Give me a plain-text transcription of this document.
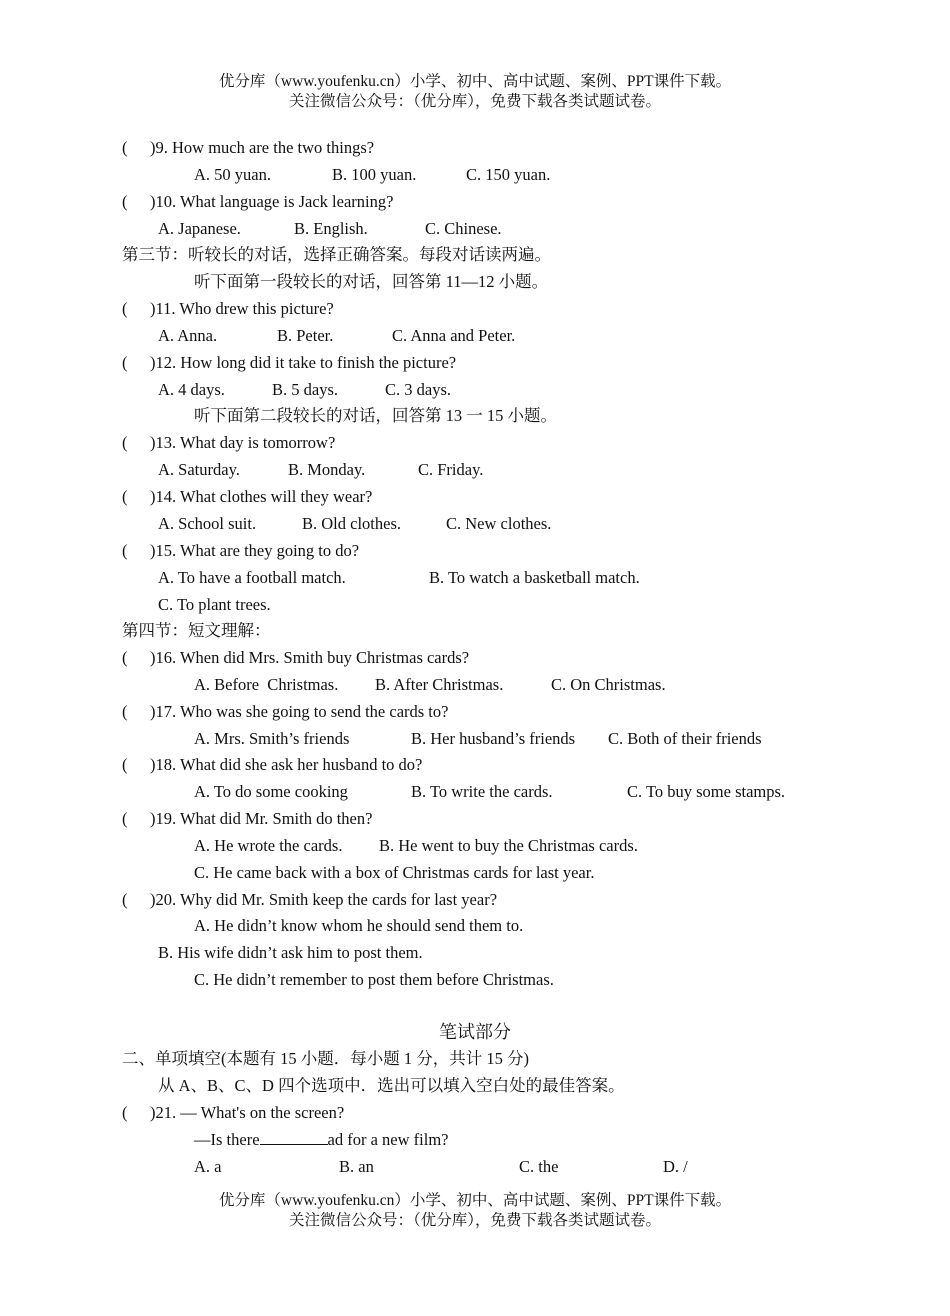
优分库（www.youfenku.cn）小学、初中、高中试题、案例、PPT课件下载。
关注微信公众号：（优分库），免费下载各类试题试卷。
( )9. How much are the two things?
A. 50 yuan.	B. 100 yuan.	C. 150 yuan.
( )10. What language is Jack learning?
A. Japanese.	B. English.	C. Chinese.
第三节：听较长的对话，选择正确答案。每段对话读两遍。
听下面第一段较长的对话，回答第 11—12 小题。
( )11. Who drew this picture?
A. Anna.	B. Peter.	C. Anna and Peter.
( )12. How long did it take to finish the picture?
A. 4 days.	B. 5 days.	C. 3 days.
听下面第二段较长的对话，回答第 13 一 15 小题。
( )13. What day is tomorrow?
A. Saturday.	B. Monday.	C. Friday.
( )14. What clothes will they wear?
A. School suit.	B. Old clothes.	C. New clothes.
( )15. What are they going to do?
A. To have a football match.	B. To watch a basketball match.
C. To plant trees.
第四节：短文理解：
( )16. When did Mrs. Smith buy Christmas cards?
A. Before  Christmas. B. After Christmas.	C. On Christmas.
( )17. Who was she going to send the cards to?
A. Mrs. Smith’s friends	B. Her husband’s friends C. Both of their friends
( )18. What did she ask her husband to do?
A. To do some cooking	B. To write the cards.	C. To buy some stamps.
( )19. What did Mr. Smith do then?
A. He wrote the cards. B. He went to buy the Christmas cards.
C. He came back with a box of Christmas cards for last year.
( )20. Why did Mr. Smith keep the cards for last year?
A. He didn’t know whom he should send them to.
B. His wife didn’t ask him to post them.
C. He didn’t remember to post them before Christmas.
笔试部分
二、单项填空(本题有 15 小题．每小题 1 分，共计 15 分)
从 A、B、C、D 四个选项中．选出可以填入空白处的最佳答案。
( )21. — What's on the screen?
—Is there	ad for a new film?
A. a	B. an	C. the	D. /
优分库（www.youfenku.cn）小学、初中、高中试题、案例、PPT课件下载。
关注微信公众号：（优分库），免费下载各类试题试卷。
